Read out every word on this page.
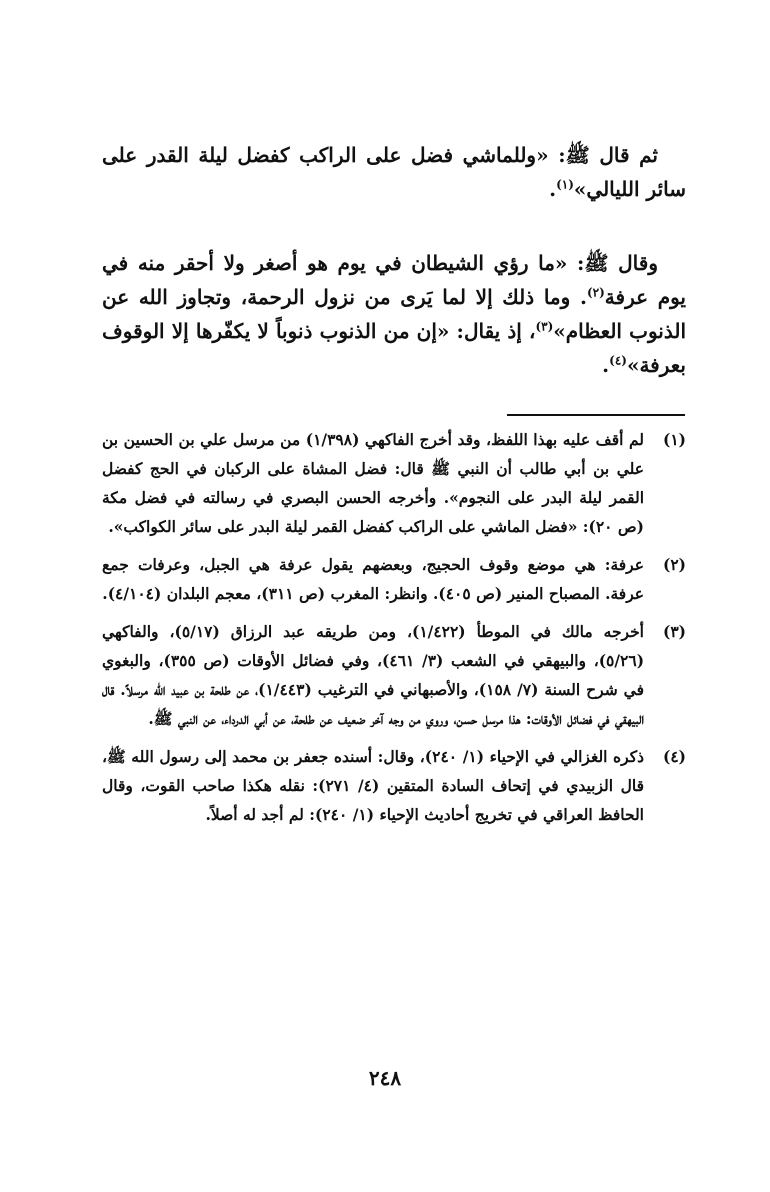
ثم قال ﷺ: «وللماشي فضل على الراكب كفضل ليلة القدر على سائر الليالي»$^{(١)}$.

وقال ﷺ: «ما رؤي الشيطان في يوم هو أصغر ولا أحقر منه في يوم عرفة$^{(٢)}$. وما ذلك إلا لما يَرى من نزول الرحمة، وتجاوز الله عن الذنوب العظام»$^{(٣)}$، إذ يقال: «إن من الذنوب ذنوباً لا يكفّرها إلا الوقوف بعرفة»$^{(٤)}$.

(١)
لم أقف عليه بهذا اللفظ، وقد أخرج الفاكهي (١/٣٩٨) من مرسل علي بن الحسين بن علي بن أبي طالب أن النبي ﷺ قال: فضل المشاة على الركبان في الحج كفضل القمر ليلة البدر على النجوم». وأخرجه الحسن البصري في رسالته في فضل مكة (ص ٢٠): «فضل الماشي على الراكب كفضل القمر ليلة البدر على سائر الكواكب».
(٢)
عرفة: هي موضع وقوف الحجيج، وبعضهم يقول عرفة هي الجبل، وعرفات جمع عرفة. المصباح المنير (ص ٤٠٥). وانظر: المغرب (ص ٣١١)، معجم البلدان (٤/١٠٤).
(٣)
أخرجه مالك في الموطأ (١/٤٢٢)، ومن طريقه عبد الرزاق (٥/١٧)، والفاكهي (٥/٢٦)، والبيهقي في الشعب (٣/ ٤٦١)، وفي فضائل الأوقات (ص ٣٥٥)، والبغوي في شرح السنة (٧/ ١٥٨)، والأصبهاني في الترغيب (١/٤٤٣)، عن طلحة بن عبيد الله مرسلاً. قال البيهقي في فضائل الأوقات: هذا مرسل حسن، وروي من وجه آخر ضعيف عن طلحة، عن أبي الدرداء، عن النبي ﷺ.
(٤)
ذكره الغزالي في الإحياء (١/ ٢٤٠)، وقال: أسنده جعفر بن محمد إلى رسول الله ﷺ، قال الزبيدي في إتحاف السادة المتقين (٤/ ٢٧١): نقله هكذا صاحب القوت، وقال الحافظ العراقي في تخريج أحاديث الإحياء (١/ ٢٤٠): لم أجد له أصلاً.
٢٤٨
